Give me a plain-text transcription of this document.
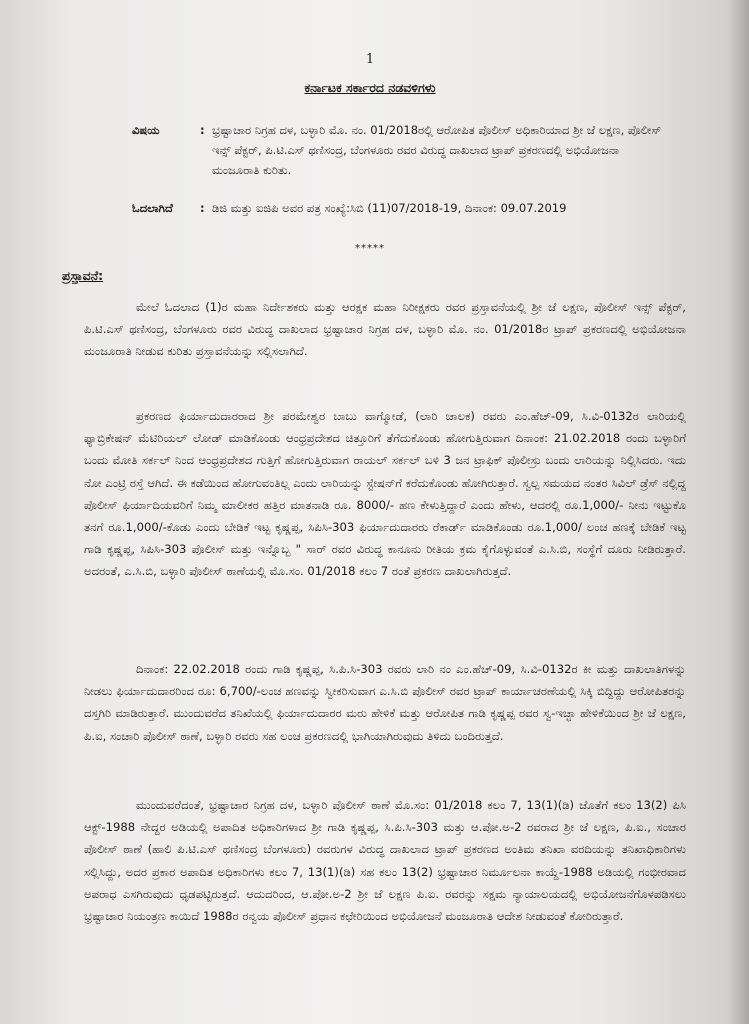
1
ಕರ್ನಾಟಕ ಸರ್ಕಾರದ ನಡವಳಿಗಳು
ವಿಷಯ	: ಭ್ರಷ್ಟಾಚಾರ ನಿಗ್ರಹ ದಳ, ಬಳ್ಳಾರಿ ಮೊ. ನಂ. 01/2018ರಲ್ಲಿ ಆರೋಪಿತ ಪೊಲೀಸ್ ಅಧಿಕಾರಿಯಾದ ಶ್ರೀ ಜೆ ಲಕ್ಷಣ, ಪೊಲೀಸ್ ಇನ್ಸ್ ಪೆಕ್ಟರ್, ಪಿ.ಟಿ.ಎಸ್ ಥಣಿಸಂದ್ರ, ಬೆಂಗಳೂರು ರವರ ವಿರುದ್ಧ ದಾಖಲಾದ ಟ್ರಾಪ್ ಪ್ರಕರಣದಲ್ಲಿ ಅಭಿಯೋಜನಾ ಮಂಜೂರಾತಿ ಕುರಿತು.
ಓದಲಾಗಿದೆ	: ಡಿಜಿ ಮತ್ತು ಐಜಿಪಿ ಅವರ ಪತ್ರ ಸಂಖ್ಯೆ:ಸಿಬಿ (11)07/2018-19, ದಿನಾಂಕ: 09.07.2019
*****
ಪ್ರಸ್ತಾವನೆ:
ಮೇಲೆ ಓದಲಾದ (1)ರ ಮಹಾ ನಿರ್ದೇಶಕರು ಮತ್ತು ಆರಕ್ಷಕ ಮಹಾ ನಿರೀಕ್ಷಕರು ರವರ ಪ್ರಸ್ತಾವನೆಯಲ್ಲಿ ಶ್ರೀ ಜೆ ಲಕ್ಷಣ, ಪೊಲೀಸ್ ಇನ್ಸ್ ಪೆಕ್ಟರ್, ಪಿ.ಟಿ.ಎಸ್ ಥಣಿಸಂದ್ರ, ಬೆಂಗಳೂರು ರವರ ವಿರುದ್ಧ ದಾಖಲಾದ ಭ್ರಷ್ಟಾಚಾರ ನಿಗ್ರಹ ದಳ, ಬಳ್ಳಾರಿ ಮೊ. ನಂ. 01/2018ರ ಟ್ರಾಪ್ ಪ್ರಕರಣದಲ್ಲಿ ಅಭಿಯೋಜನಾ ಮಂಜೂರಾತಿ ನೀಡುವ ಕುರಿತು ಪ್ರಸ್ತಾವನೆಯನ್ನು ಸಲ್ಲಿಸಲಾಗಿದೆ.
ಪ್ರಕರಣದ ಫಿರ್ಯಾದುದಾರರಾದ ಶ್ರೀ ಪರಮೇಶ್ವರ ಬಾಬು ವಾಗ್ಮೋಡೆ, (ಲಾರಿ ಚಾಲಕ) ರವರು ಎಂ.ಹೆಚ್-09, ಸಿ.ವಿ-0132ರ ಲಾರಿಯಲ್ಲಿ ಫ್ಯಾಬ್ರಿಕೇಷನ್ ಮೆಟಿರಿಯಲ್ ಲೋಡ್ ಮಾಡಿಕೊಂಡು ಆಂಧ್ರಪ್ರದೇಶದ ಚಿತ್ತೂರಿಗೆ ತೆಗೆದುಕೊಂಡು ಹೋಗುತ್ತಿರುವಾಗ ದಿನಾಂಕ: 21.02.2018 ರಂದು ಬಳ್ಳಾರಿಗೆ ಬಂದು ಮೋತಿ ಸರ್ಕಲ್ ನಿಂದ ಆಂಧ್ರಪ್ರದೇಶದ ಗುತ್ತಿಗೆ ಹೋಗುತ್ತಿರುವಾಗ ರಾಯಲ್ ಸರ್ಕಲ್ ಬಳಿ 3 ಜನ ಟ್ರಾಫಿಕ್ ಪೊಲೀಸ್ರು ಬಂದು ಲಾರಿಯನ್ನು ನಿಲ್ಲಿಸಿದರು. ಇದು ನೋ ಎಂಟ್ರಿ ರಸ್ತೆ ಆಗಿದೆ. ಈ ಕಡೆಯಿಂದ ಹೋಗುವಂತಿಲ್ಲ ಎಂದು ಲಾರಿಯನ್ನು ಸ್ಟೇಷನ್‌ಗೆ ಕರೆದುಕೊಂಡು ಹೋಗಿರುತ್ತಾರೆ. ಸ್ವಲ್ಪ ಸಮಯದ ನಂತರ ಸಿವಿಲ್ ಡ್ರೆಸ್ ನಲ್ಲಿದ್ದ ಪೊಲೀಸ್ ಫಿರ್ಯಾದಿಯವರಿಗೆ ನಿಮ್ಮ ಮಾಲೀಕರ ಹತ್ತಿರ ಮಾತನಾಡಿ ರೂ. 8000/- ಹಣ ಕೇಳುತ್ತಿದ್ದಾರೆ ಎಂದು ಹೇಳು, ಆದರಲ್ಲಿ ರೂ.1,000/- ನೀನು ಇಟ್ಟುಕೊ ತನಗೆ ರೂ.1,000/-ಕೊಡು ಎಂದು ಬೇಡಿಕೆ ಇಟ್ಟ ಕೃಷ್ಣಪ್ಪ, ಸಿಪಿಸಿ-303 ಫಿರ್ಯಾದುದಾರರು ರೆಕಾರ್ಡ್ ಮಾಡಿಕೊಂಡು ರೂ.1,000/ ಲಂಚ ಹಣಕ್ಕೆ ಬೇಡಿಕೆ ಇಟ್ಟ ಗಾಡಿ ಕೃಷ್ಣಪ್ಪ, ಸಿಪಿಸಿ-303 ಪೊಲೀಸ್ ಮತ್ತು ಇನ್ನೊಬ್ಬ " ಸಾರ್ ರವರ ವಿರುದ್ಧ ಕಾನೂನು ರೀತಿಯ ಕ್ರಮ ಕೈಗೊಳ್ಳುವಂತೆ ಎ.ಸಿ.ಬಿ, ಸಂಸ್ಥೆಗೆ ದೂರು ನೀಡಿರುತ್ತಾರೆ. ಅದರಂತೆ, ಎ.ಸಿ.ಬಿ, ಬಳ್ಳಾರಿ ಪೊಲೀಸ್ ಠಾಣೆಯಲ್ಲಿ ಮೊ.ಸಂ. 01/2018 ಕಲಂ 7 ರಂತೆ ಪ್ರಕರಣ ದಾಖಲಾಗಿರುತ್ತದೆ.
ದಿನಾಂಕ: 22.02.2018 ರಂದು ಗಾಡಿ ಕೃಷ್ಣಪ್ಪ, ಸಿ.ಪಿ.ಸಿ-303 ರವರು ಲಾರಿ ನಂ ಎಂ.ಹೆಚ್-09, ಸಿ.ವಿ-0132ರ ಕೀ ಮತ್ತು ದಾಖಲಾತಿಗಳನ್ನು ನೀಡಲು ಫಿರ್ಯಾದುದಾರರಿಂದ ರೂ: 6,700/-ಲಂಚ ಹಣವನ್ನು ಸ್ವೀಕರಿಸುವಾಗ ಎ.ಸಿ.ಬಿ ಪೊಲೀಸ್ ರವರ ಟ್ರಾಪ್ ಕಾರ್ಯಾಚರಣೆಯಲ್ಲಿ ಸಿಕ್ಕಿ ಬಿದ್ದಿದ್ದು ಆರೋಪಿತರನ್ನು ದಸ್ತಗಿರಿ ಮಾಡಿರುತ್ತಾರೆ. ಮುಂದುವರೆದ ತನಿಖೆಯಲ್ಲಿ ಫಿರ್ಯಾದುದಾರರ ಮರು ಹೇಳಿಕೆ ಮತ್ತು ಆರೋಪಿತ ಗಾಡಿ ಕೃಷ್ಣಪ್ಪ ರವರ ಸ್ವ-ಇಚ್ಛಾ ಹೇಳಿಕೆಯಿಂದ ಶ್ರೀ ಜೆ ಲಕ್ಷಣ, ಪಿ.ಐ, ಸಂಚಾರಿ ಪೊಲೀಸ್ ಠಾಣೆ, ಬಳ್ಳಾರಿ ರವರು ಸಹ ಲಂಚ ಪ್ರಕರಣದಲ್ಲಿ ಭಾಗಿಯಾಗಿರುವುದು ತಿಳಿದು ಬಂದಿರುತ್ತದೆ.
ಮುಂದುವರೆದಂತೆ, ಭ್ರಷ್ಟಾಚಾರ ನಿಗ್ರಹ ದಳ, ಬಳ್ಳಾರಿ ಪೊಲೀಸ್ ಠಾಣೆ ಮೊ.ಸಂ: 01/2018 ಕಲಂ 7, 13(1)(ಡಿ) ಜೊತೆಗೆ ಕಲಂ 13(2) ಪಿಸಿ ಆಕ್ಟ್-1988 ನೇದ್ದರ ಅಡಿಯಲ್ಲಿ ಅಪಾದಿತ ಅಧಿಕಾರಿಗಳಾದ ಶ್ರೀ ಗಾಡಿ ಕೃಷ್ಣಪ್ಪ, ಸಿ.ಪಿ.ಸಿ-303 ಮತ್ತು ಆ.ಪೋ.ಅ-2 ರವರಾದ ಶ್ರೀ ಜೆ ಲಕ್ಷಣ, ಪಿ.ಐ., ಸಂಚಾರ ಪೊಲೀಸ್ ಠಾಣೆ (ಹಾಲಿ ಪಿ.ಟಿ.ಎಸ್ ಥಣಿಸಂದ್ರ ಬೆಂಗಳೂರು) ರವರುಗಳ ವಿರುದ್ಧ ದಾಖಲಾದ ಟ್ರಾಪ್ ಪ್ರಕರಣದ ಅಂತಿಮ ತನಿಖಾ ವರದಿಯನ್ನು ತನಿಖಾಧಿಕಾರಿಗಳು ಸಲ್ಲಿಸಿದ್ದು, ಅದರ ಪ್ರಕಾರ ಅಪಾದಿತ ಅಧಿಕಾರಿಗಳು ಕಲಂ 7, 13(1)(ಡಿ) ಸಹ ಕಲಂ 13(2) ಭ್ರಷ್ಟಾಚಾರ ನಿರ್ಮೂಲನಾ ಕಾಯ್ದೆ-1988 ಅಡಿಯಲ್ಲಿ ಗಂಭೀರವಾದ ಅಪರಾಧ ಎಸಗಿರುವುದು ಧೃಡಪಟ್ಟಿರುತ್ತದೆ. ಆದುದರಿಂದ, ಆ.ಪೋ.ಅ-2 ಶ್ರೀ ಜೆ ಲಕ್ಷಣ ಪಿ.ಐ. ರವರನ್ನು ಸಕ್ಷಮ ನ್ಯಾಯಾಲಯದಲ್ಲಿ ಅಭಿಯೋಜನೆಗೊಳಪಡಿಸಲು ಭ್ರಷ್ಟಾಚಾರ ನಿಯಂತ್ರಣ ಕಾಯಿದೆ 1988ರ ರನ್ವಯ ಪೊಲೀಸ್ ಪ್ರಧಾನ ಕಛೇರಿಯಿಂದ ಅಭಿಯೋಜನೆ ಮಂಜೂರಾತಿ ಆದೇಶ ನೀಡುವಂತೆ ಕೋರಿರುತ್ತಾರೆ.
